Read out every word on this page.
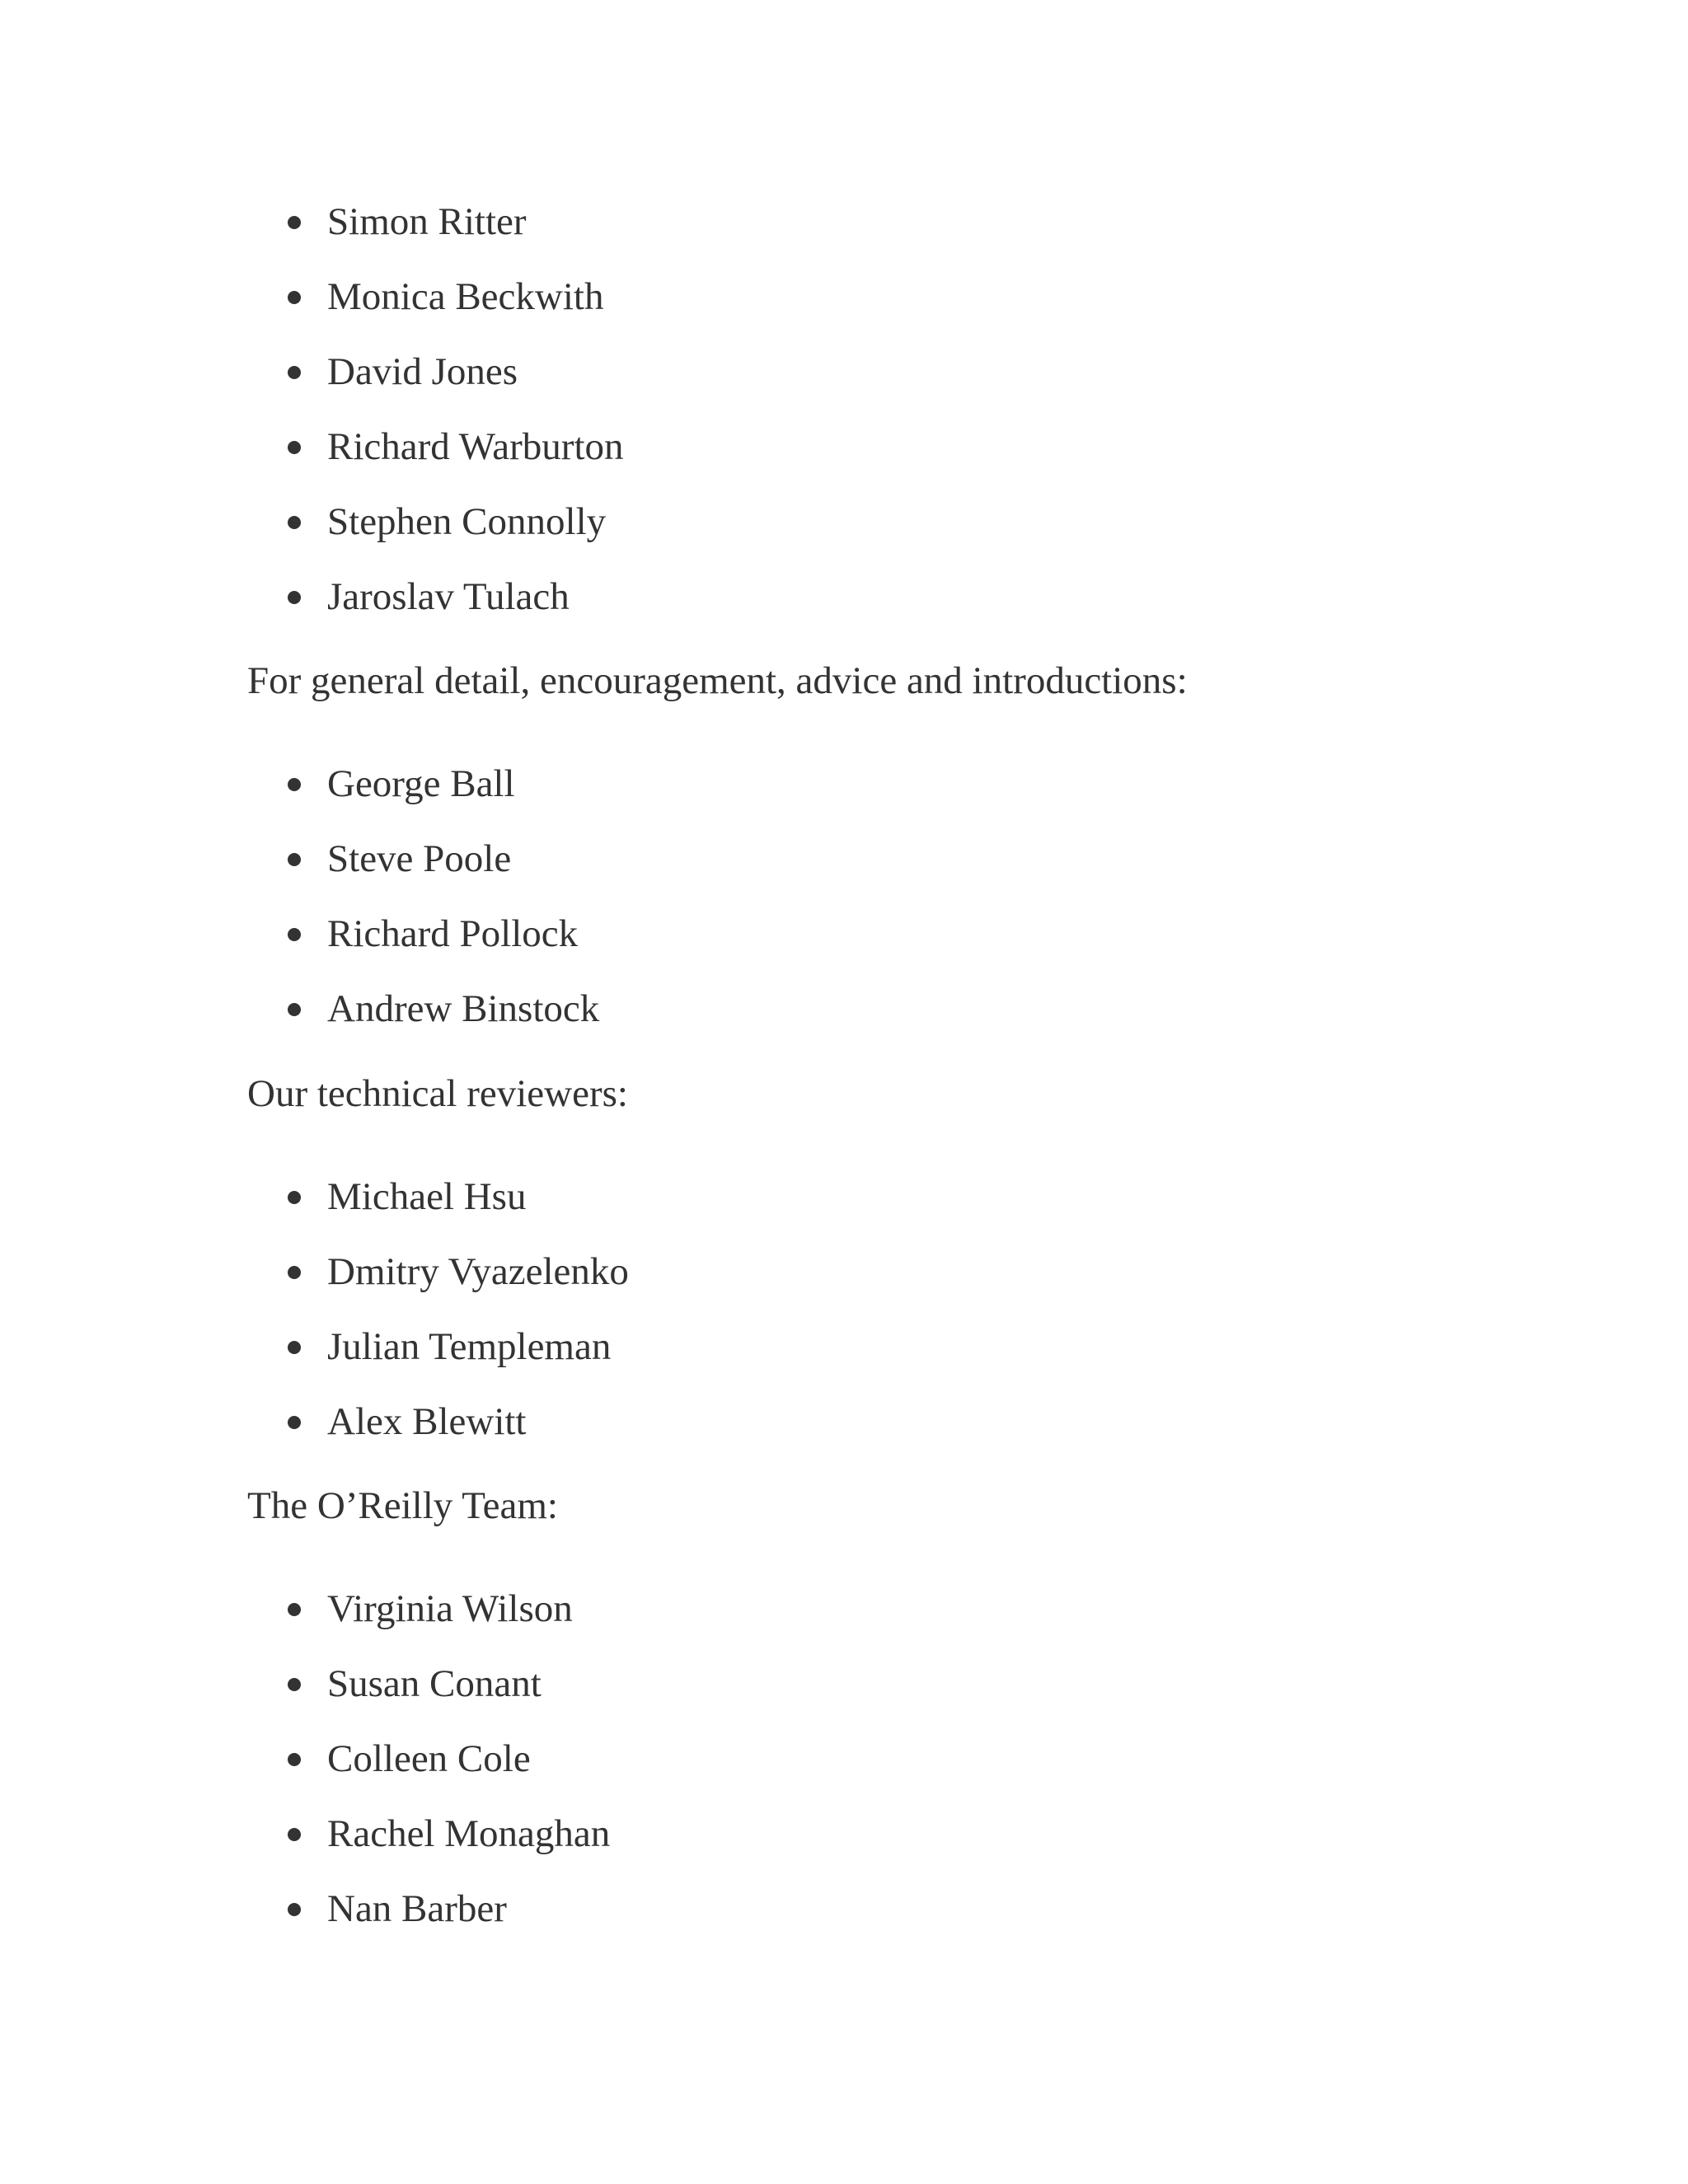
Simon Ritter
Monica Beckwith
David Jones
Richard Warburton
Stephen Connolly
Jaroslav Tulach

For general detail, encouragement, advice and introductions:

George Ball
Steve Poole
Richard Pollock
Andrew Binstock

Our technical reviewers:

Michael Hsu
Dmitry Vyazelenko
Julian Templeman
Alex Blewitt

The O’Reilly Team:

Virginia Wilson
Susan Conant
Colleen Cole
Rachel Monaghan
Nan Barber
